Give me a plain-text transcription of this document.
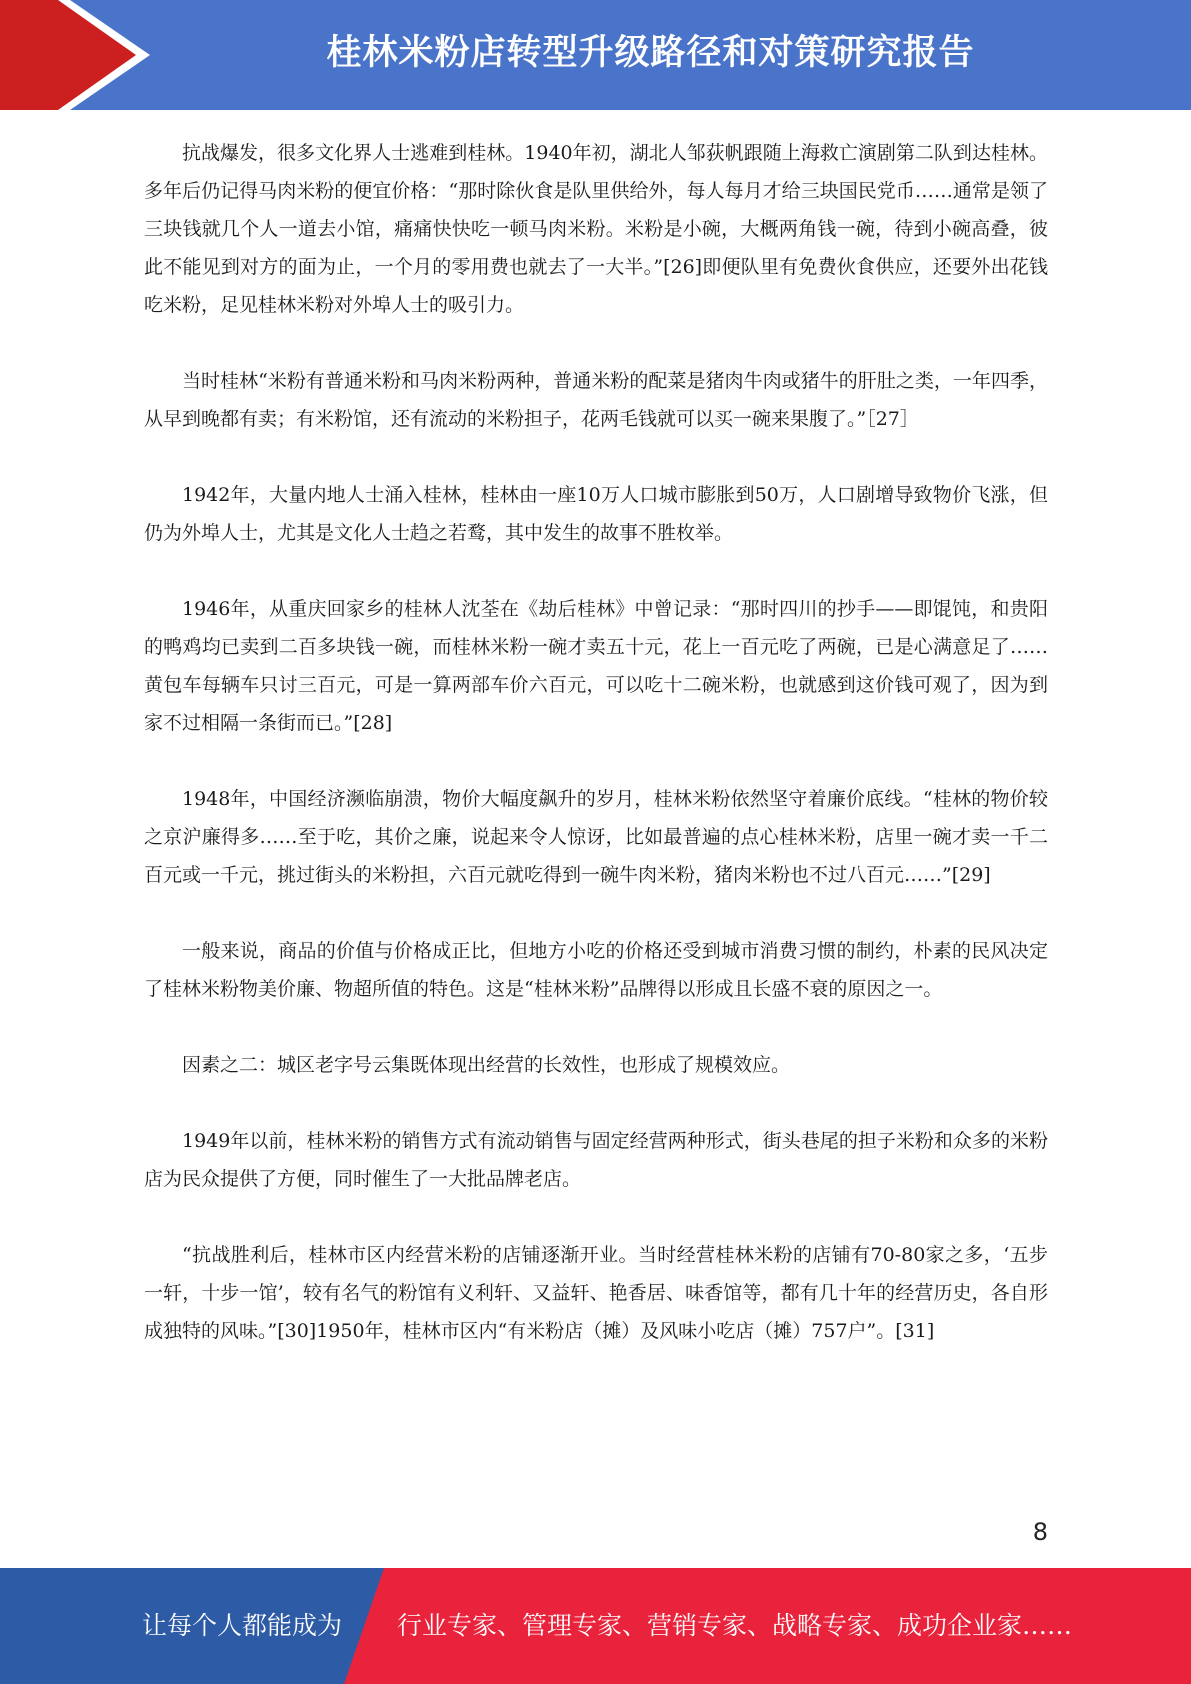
桂林米粉店转型升级路径和对策研究报告

抗战爆发，很多文化界人士逃难到桂林。1940年初，湖北人邹荻帆跟随上海救亡演剧第二队到达桂林。多年后仍记得马肉米粉的便宜价格：“那时除伙食是队里供给外，每人每月才给三块国民党币……通常是领了三块钱就几个人一道去小馆，痛痛快快吃一顿马肉米粉。米粉是小碗，大概两角钱一碗，待到小碗高叠，彼此不能见到对方的面为止，一个月的零用费也就去了一大半。”[26]即便队里有免费伙食供应，还要外出花钱吃米粉，足见桂林米粉对外埠人士的吸引力。

当时桂林“米粉有普通米粉和马肉米粉两种，普通米粉的配菜是猪肉牛肉或猪牛的肝肚之类，一年四季，从早到晚都有卖；有米粉馆，还有流动的米粉担子，花两毛钱就可以买一碗来果腹了。”［27］

1942年，大量内地人士涌入桂林，桂林由一座10万人口城市膨胀到50万，人口剧增导致物价飞涨，但仍为外埠人士，尤其是文化人士趋之若鹜，其中发生的故事不胜枚举。

1946年，从重庆回家乡的桂林人沈荃在《劫后桂林》中曾记录：“那时四川的抄手——即馄饨，和贵阳的鸭鸡均已卖到二百多块钱一碗，而桂林米粉一碗才卖五十元，花上一百元吃了两碗，已是心满意足了……黄包车每辆车只讨三百元，可是一算两部车价六百元，可以吃十二碗米粉，也就感到这价钱可观了，因为到家不过相隔一条街而已。”[28]

1948年，中国经济濒临崩溃，物价大幅度飙升的岁月，桂林米粉依然坚守着廉价底线。“桂林的物价较之京沪廉得多……至于吃，其价之廉，说起来令人惊讶，比如最普遍的点心桂林米粉，店里一碗才卖一千二百元或一千元，挑过街头的米粉担，六百元就吃得到一碗牛肉米粉，猪肉米粉也不过八百元……”[29]

一般来说，商品的价值与价格成正比，但地方小吃的价格还受到城市消费习惯的制约，朴素的民风决定了桂林米粉物美价廉、物超所值的特色。这是“桂林米粉”品牌得以形成且长盛不衰的原因之一。

因素之二：城区老字号云集既体现出经营的长效性，也形成了规模效应。

1949年以前，桂林米粉的销售方式有流动销售与固定经营两种形式，街头巷尾的担子米粉和众多的米粉店为民众提供了方便，同时催生了一大批品牌老店。

“抗战胜利后，桂林市区内经营米粉的店铺逐渐开业。当时经营桂林米粉的店铺有70-80家之多，‘五步一轩，十步一馆’，较有名气的粉馆有义利轩、又益轩、艳香居、味香馆等，都有几十年的经营历史，各自形成独特的风味。”[30]1950年，桂林市区内“有米粉店（摊）及风味小吃店（摊）757户”。[31]

8
让每个人都能成为 行业专家、管理专家、营销专家、战略专家、成功企业家……
